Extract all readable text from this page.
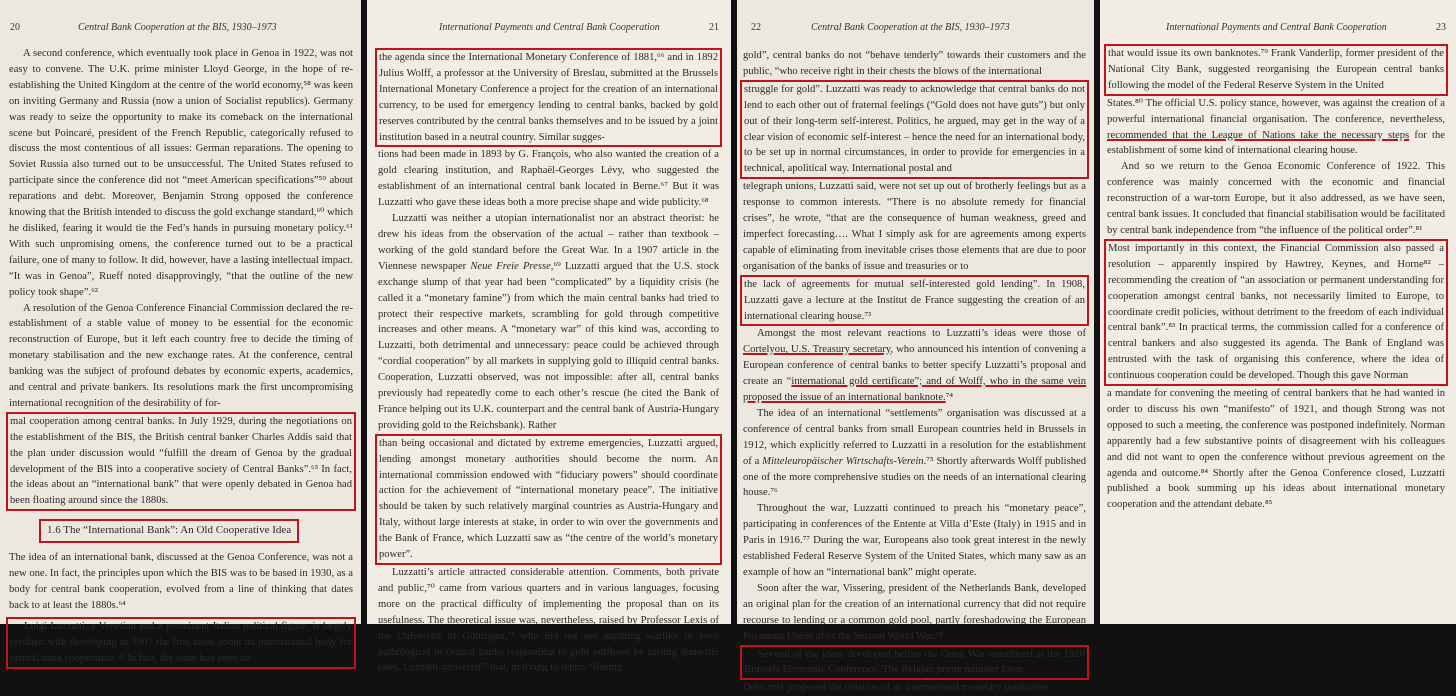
20	Central Bank Cooperation at the BIS, 1930–1973

A second conference, which eventually took place in Genoa in 1922, was not easy to convene. The U.K. prime minister Lloyd George, in the hope of re-establishing the United Kingdom at the centre of the world economy,⁵⁸ was keen on inviting Germany and Russia (now a union of Socialist republics). Germany was ready to seize the opportunity to make its comeback on the international scene but Poincaré, president of the French Republic, categorically refused to discuss the most contentious of all issues: German reparations. The opening to Soviet Russia also turned out to be unsuccessful. The United States refused to participate since the conference did not “meet American specifications”⁵⁹ about reparations and debt. Moreover, Benjamin Strong opposed the conference knowing that the British intended to discuss the gold exchange standard,⁶⁰ which he disliked, fearing it would tie the Fed’s hands in pursuing monetary policy.⁶¹ With such unpromising omens, the conference turned out to be a practical failure, one of many to follow. It did, however, have a lasting intellectual impact. “It was in Genoa”, Rueff noted disapprovingly, “that the outline of the new policy took shape”.⁶²

A resolution of the Genoa Conference Financial Commission declared the re-establishment of a stable value of money to be essential for the economic reconstruction of Europe, but it left each country free to decide the timing of monetary stabilisation and the new exchange rates. At the conference, central banking was the subject of profound debates by economic experts, academics, and central and private bankers. Its resolutions mark the first uncompromising international recognition of the desirability of for-

mal cooperation among central banks. In July 1929, during the negotiations on the establishment of the BIS, the British central banker Charles Addis said that the plan under discussion would “fulfill the dream of Genoa by the gradual development of the BIS into a cooperative society of Central Banks”.⁶³ In fact, the ideas about an “international bank” that were openly debated in Genoa had been floating around since the 1880s.
1.6 The “International Bank”: An Old Cooperative Idea

The idea of an international bank, discussed at the Genoa Conference, was not a new one. In fact, the principles upon which the BIS was to be based in 1930, as a body for central bank cooperation, evolved from a line of thinking that dates back to at least the 1880s.⁶⁴

Luigi Luzzatti, a Venetian and a prominent Italian political figure, is largely credited with developing in 1907 the first ideas about an international body for central bank cooperation.⁶⁵ In fact, the issue had been on
International Payments and Central Bank Cooperation	21
the agenda since the International Monetary Conference of 1881,⁶⁶ and in 1892 Julius Wolff, a professor at the University of Breslau, submitted at the Brussels International Monetary Conference a project for the creation of an international currency, to be used for emergency lending to central banks, backed by gold reserves contributed by the central banks themselves and to be issued by a joint institution based in a neutral country. Similar sugges-

tions had been made in 1893 by G. François, who also wanted the creation of a gold clearing institution, and Raphaël-Georges Lévy, who suggested the establishment of an international central bank located in Berne.⁶⁷ But it was Luzzatti who gave these ideas both a more precise shape and wide publicity.⁶⁸

Luzzatti was neither a utopian internationalist nor an abstract theorist: he drew his ideas from the observation of the actual – rather than textbook – working of the gold standard before the Great War. In a 1907 article in the Viennese newspaper Neue Freie Presse,⁶⁹ Luzzatti argued that the U.S. stock exchange slump of that year had been “complicated” by a liquidity crisis (he called it a “monetary famine”) from which the main central banks had tried to protect their respective markets, scrambling for gold through competitive increases and other means. A “monetary war” of this kind was, according to Luzzatti, both detrimental and unnecessary: peace could be achieved through “cordial cooperation” by all markets in supplying gold to illiquid central banks. Cooperation, Luzzatti observed, was not impossible: after all, central banks previously had repeatedly come to each other’s rescue (he cited the Bank of France helping out its U.K. counterpart and the central bank of Austria-Hungary providing gold to the Reichsbank). Rather

than being occasional and dictated by extreme emergencies, Luzzatti argued, lending amongst monetary authorities should become the norm. An international commission endowed with “fiduciary powers” should coordinate action for the achievement of “international monetary peace”. The initiative should be taken by such relatively marginal countries as Austria-Hungary and Italy, without large interests at stake, in order to win over the governments and the Bank of France, which Luzzatti saw as “the centre of the world’s monetary power”.

Luzzatti’s article attracted considerable attention. Comments, both private and public,⁷⁰ came from various quarters and in various languages, focusing more on the practical difficulty of implementing the proposal than on its usefulness. The theoretical issue was, nevertheless, raised by Professor Lexis of the University of Göttingen,⁷¹ who did not see anything warlike or even pathological in central banks responding to gold outflows by raising domestic rates. Luzzatti answered⁷² that, in trying to retain “fleeing

22	Central Bank Cooperation at the BIS, 1930–1973

gold”, central banks do not “behave tenderly” towards their customers and the public, “who receive right in their chests the blows of the international

struggle for gold”. Luzzatti was ready to acknowledge that central banks do not lend to each other out of fraternal feelings (“Gold does not have guts”) but only out of their long-term self-interest. Politics, he argued, may get in the way of a clear vision of economic self-interest – hence the need for an international body, to be set up in normal circumstances, in order to provide for emergencies in a technical, apolitical way. International postal and

telegraph unions, Luzzatti said, were not set up out of brotherly feelings but as a response to common interests. “There is no absolute remedy for financial crises”, he wrote, “that are the consequence of human weakness, greed and imperfect forecasting…. What I simply ask for are agreements among experts capable of eliminating from inevitable crises those elements that are due to poor organisation of the banks of issue and treasuries or to

the lack of agreements for mutual self-interested gold lending”. In 1908, Luzzatti gave a lecture at the Institut de France suggesting the creation of an international clearing house.⁷³

Amongst the most relevant reactions to Luzzatti’s ideas were those of Cortelyou, U.S. Treasury secretary, who announced his intention of convening a European conference of central banks to better specify Luzzatti’s proposal and create an “international gold certificate”; and of Wolff, who in the same vein proposed the issue of an international banknote.⁷⁴

The idea of an international “settlements” organisation was discussed at a conference of central banks from small European countries held in Brussels in 1912, which explicitly referred to Luzzatti in a resolution for the establishment of a Mitteleuropäischer Wirtschafts-Verein.⁷⁵ Shortly afterwards Wolff published one of the more comprehensive studies on the needs of an international clearing house.⁷⁶

Throughout the war, Luzzatti continued to preach his “monetary peace”, participating in conferences of the Entente at Villa d’Este (Italy) in 1915 and in Paris in 1916.⁷⁷ During the war, Europeans also took great interest in the newly established Federal Reserve System of the United States, which many saw as an example of how an “international bank” might operate.

Soon after the war, Vissering, president of the Netherlands Bank, developed an original plan for the creation of an international currency that did not require recourse to lending or a common gold pool, partly foreshadowing the European Payments Union after the Second World War.⁷⁸

Several of the ideas developed before the Great War resurfaced at the 1920 Brussels Economic Conference. The Belgian prime minister Léon

Delacroix proposed the creation of an international monetary institution

International Payments and Central Bank Cooperation	23
that would issue its own banknotes.⁷⁹ Frank Vanderlip, former president of the National City Bank, suggested reorganising the European central banks following the model of the Federal Reserve System in the United

States.⁸⁰ The official U.S. policy stance, however, was against the creation of a powerful international financial organisation. The conference, nevertheless, recommended that the League of Nations take the necessary steps for the establishment of some kind of international clearing house.

And so we return to the Genoa Economic Conference of 1922. This conference was mainly concerned with the economic and financial reconstruction of a war-torn Europe, but it also addressed, as we have seen, central bank issues. It concluded that financial stabilisation would be facilitated by central bank independence from “the influence of the political order”.⁸¹

Most importantly in this context, the Financial Commission also passed a resolution – apparently inspired by Hawtrey, Keynes, and Horne⁸² – recommending the creation of “an association or permanent understanding for cooperation amongst central banks, not necessarily limited to Europe, to coordinate credit policies, without detriment to the freedom of each individual central bank”.⁸³ In practical terms, the commission called for a conference of central bankers and also suggested its agenda. The Bank of England was entrusted with the task of organising this conference, where the idea of continuous cooperation could be developed. Though this gave Norman

a mandate for convening the meeting of central bankers that he had wanted in order to discuss his own “manifesto” of 1921, and though Strong was not opposed to such a meeting, the conference was postponed indefinitely. Norman apparently had a few substantive points of disagreement with his colleagues and did not want to open the conference without previous agreement on the agenda and outcome.⁸⁴ Shortly after the Genoa Conference closed, Luzzatti published a book summing up his ideas about international monetary cooperation and the attendant debate.⁸⁵
